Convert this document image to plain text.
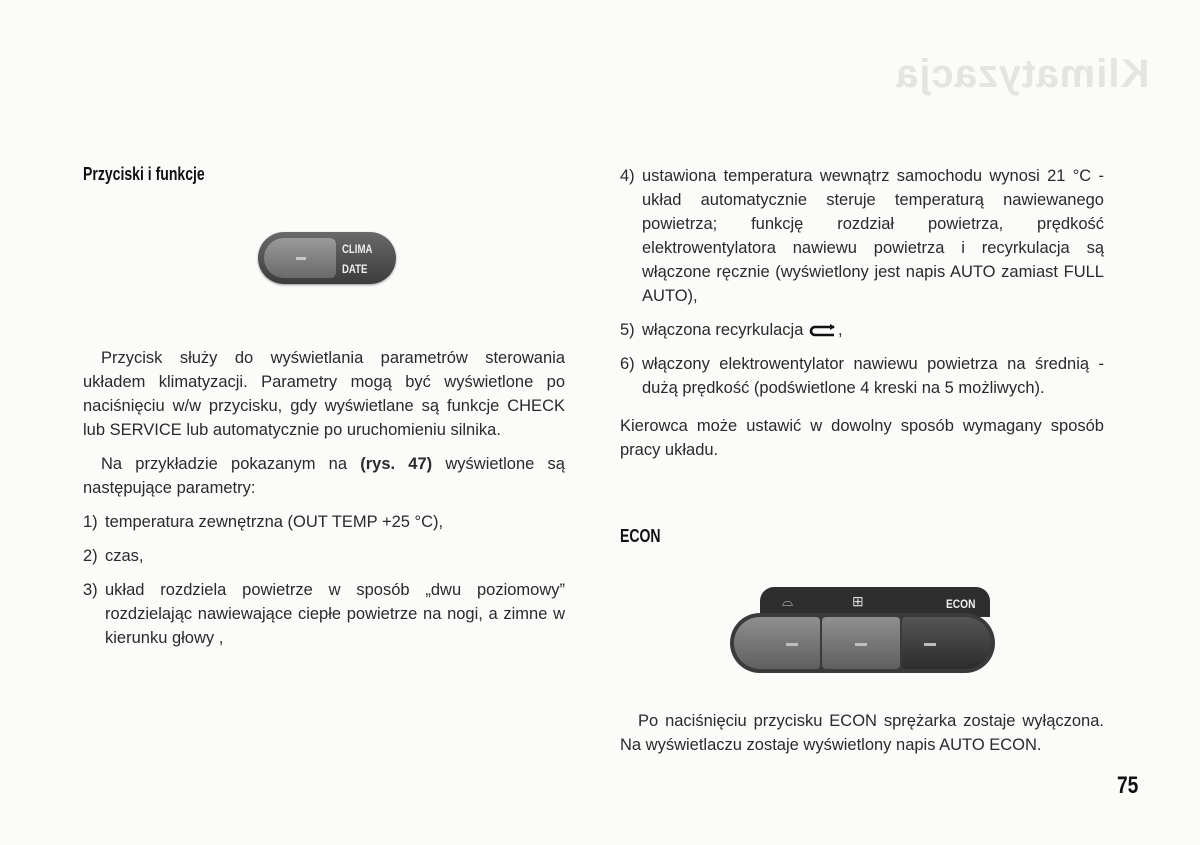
Klimatyzacja
Przyciski i funkcje
CLIMA
DATE

Przycisk służy do wyświetlania parametrów sterowania układem klimatyzacji. Parametry mogą być wyświetlone po naciśnięciu w/w przycisku, gdy wyświetlane są funkcje CHECK lub SERVICE lub automatycznie po uruchomieniu silnika.

Na przykładzie pokazanym na (rys. 47) wyświetlone są następujące parametry:

1) temperatura zewnętrzna (OUT TEMP +25 °C),
2) czas,
3) układ rozdziela powietrze w sposób „dwu poziomowy” rozdzielając nawiewające ciepłe powietrze na nogi, a zimne w kierunku głowy ,
4) ustawiona temperatura wewnątrz samochodu wynosi 21 °C - układ automatycznie steruje temperaturą nawiewanego powietrza; funkcję rozdział powietrza, prędkość elektrowentylatora nawiewu powietrza i recyrkulacja są włączone ręcznie (wyświetlony jest napis AUTO zamiast FULL AUTO),
5) włączona recyrkulacja ,
6) włączony elektrowentylator nawiewu powietrza na średnią - dużą prędkość (podświetlone 4 kreski na 5 możliwych).

Kierowca może ustawić w dowolny sposób wymagany sposób pracy układu.

ECON
⌓	⊞	ECON

Po naciśnięciu przycisku ECON sprężarka zostaje wyłączona. Na wyświetlaczu zostaje wyświetlony napis AUTO ECON.

75
